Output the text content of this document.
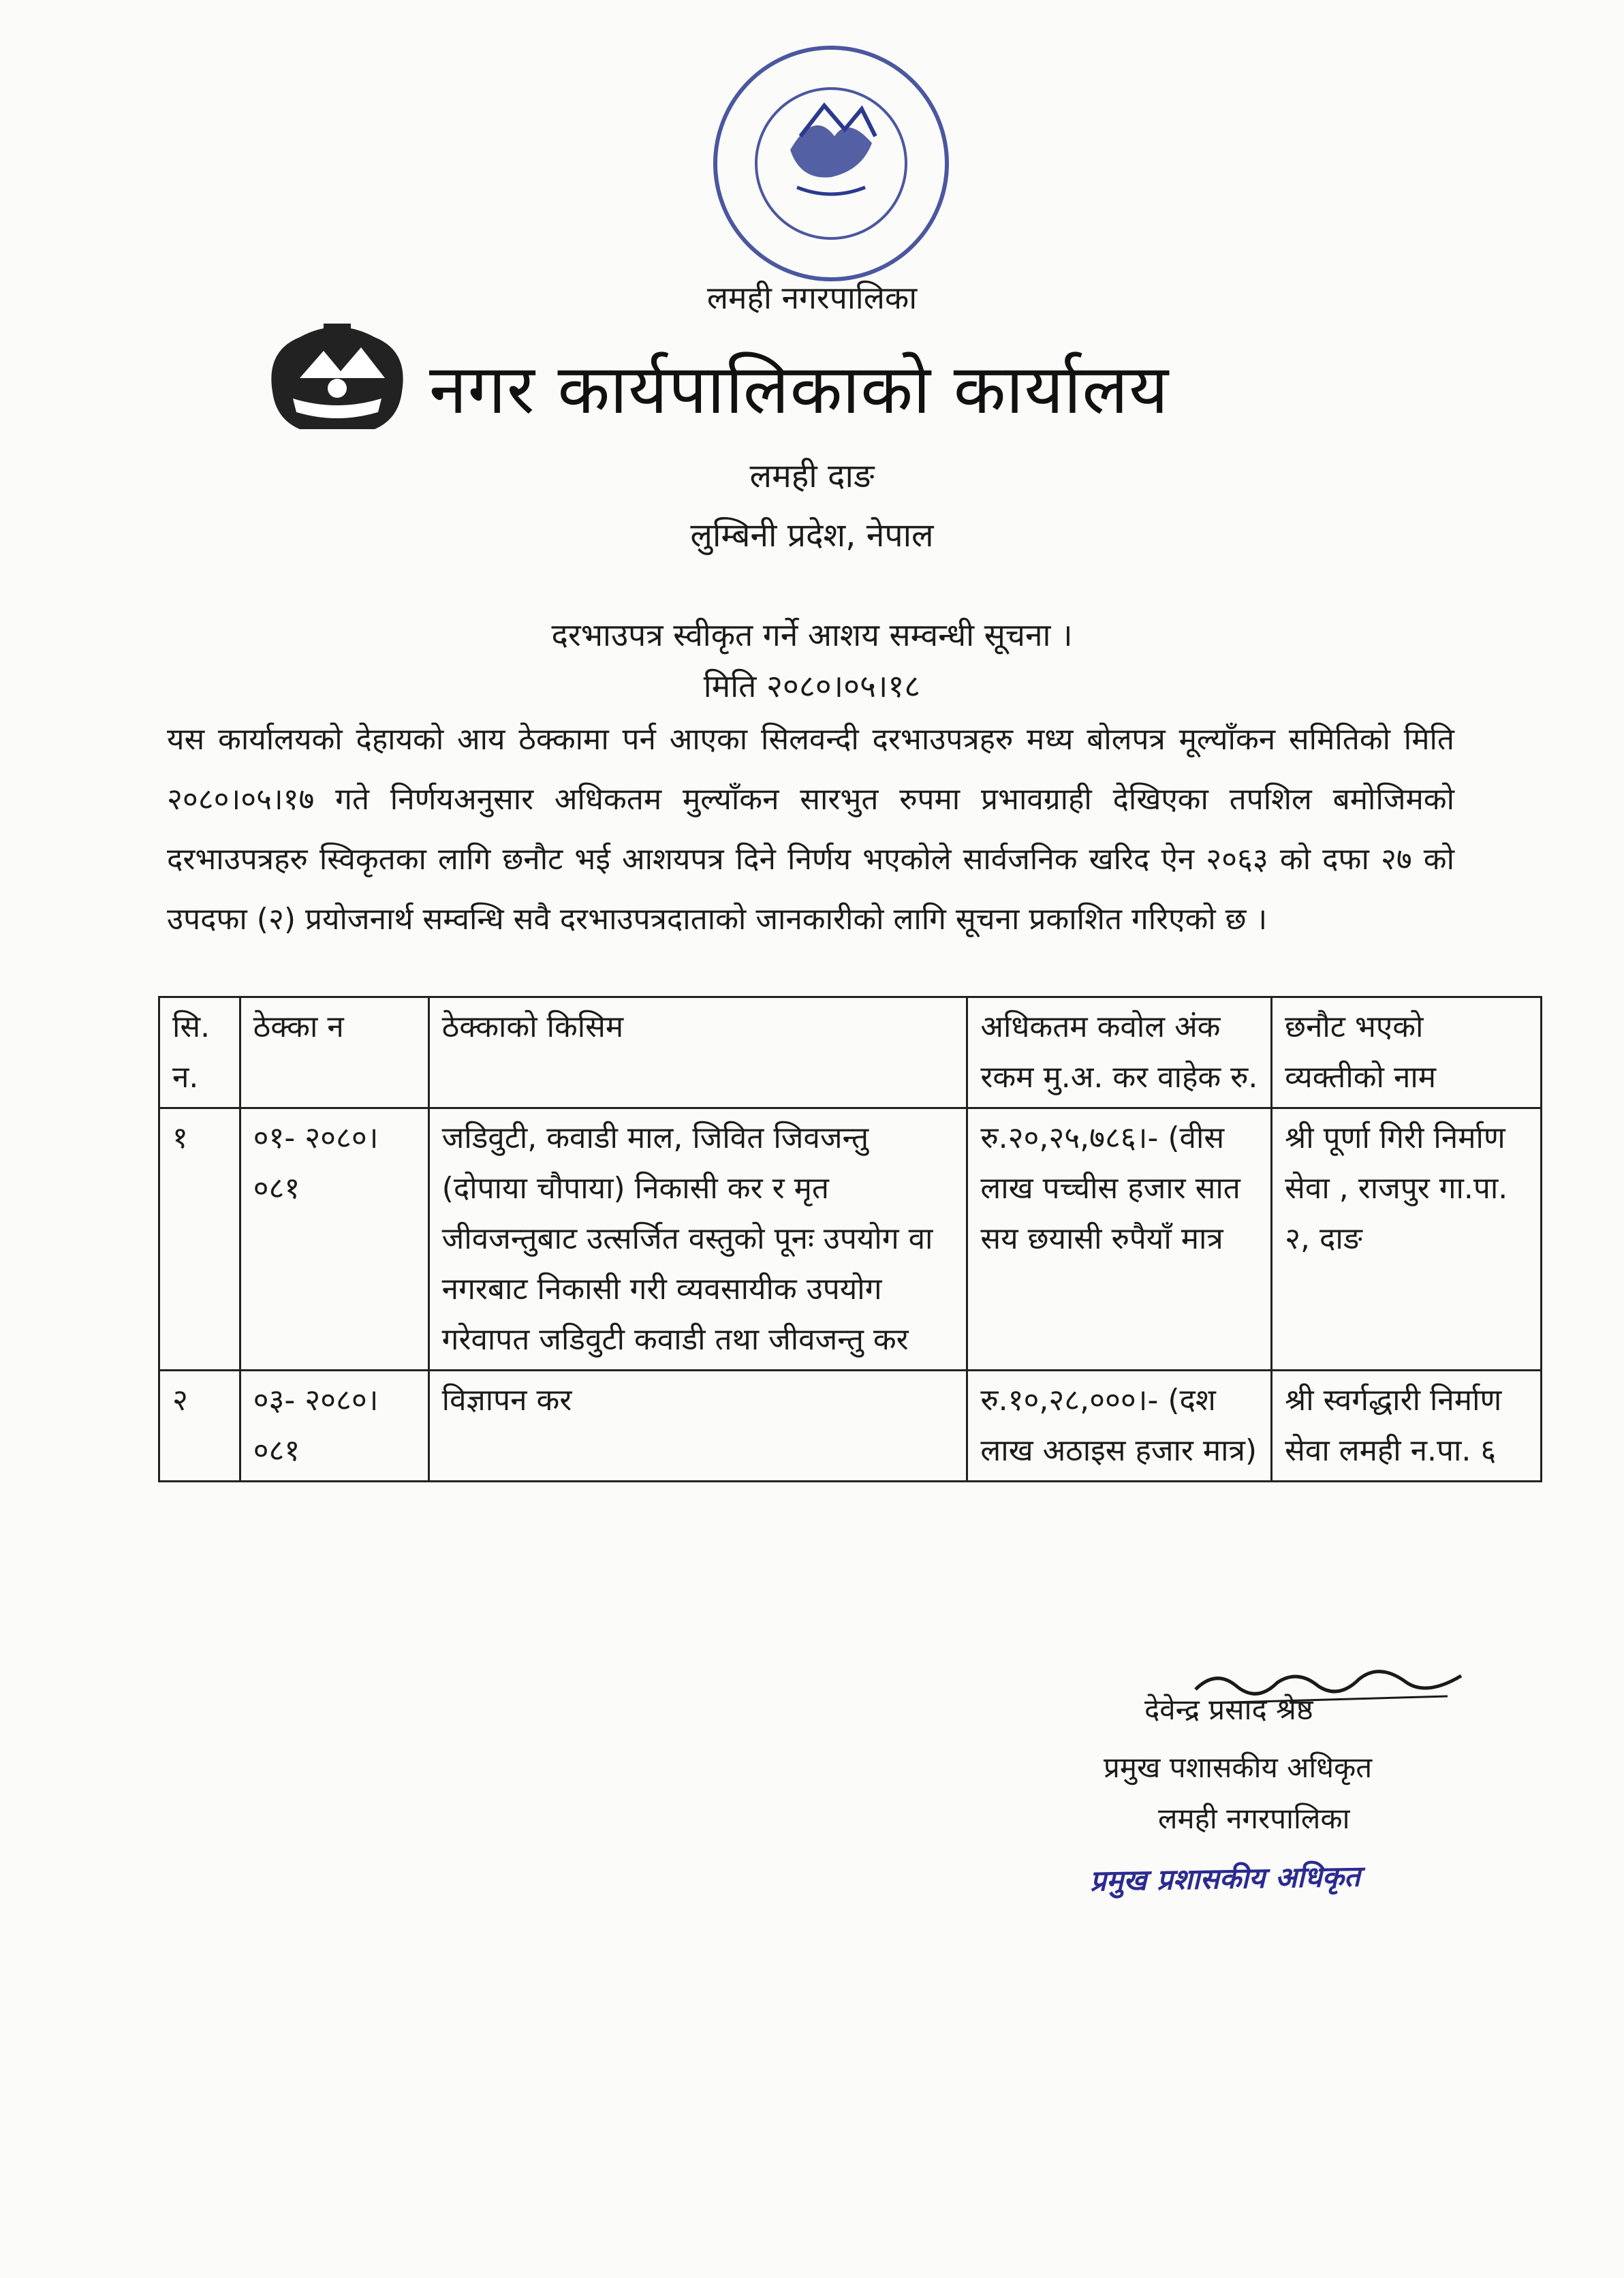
लमही नगरपालिका
नगर कार्यपालिकाको कार्यालय
लमही दाङ
लुम्बिनी प्रदेश, नेपाल
दरभाउपत्र स्वीकृत गर्ने आशय सम्वन्धी सूचना ।
मिति २०८०।०५।१८
यस कार्यालयको देहायको आय ठेक्कामा पर्न आएका सिलवन्दी दरभाउपत्रहरु मध्य बोलपत्र मूल्याँकन समितिको मिति २०८०।०५।१७ गते निर्णयअनुसार अधिकतम मुल्याँकन सारभुत रुपमा प्रभावग्राही देखिएका तपशिल बमोजिमको दरभाउपत्रहरु स्विकृतका लागि छनौट भई आशयपत्र दिने निर्णय भएकोले सार्वजनिक खरिद ऐन २०६३ को दफा २७ को उपदफा (२) प्रयोजनार्थ सम्वन्धि सवै दरभाउपत्रदाताको जानकारीको लागि सूचना प्रकाशित गरिएको छ ।
सि. न.	ठेक्का न	ठेक्काको किसिम	अधिकतम कवोल अंक रकम मु.अ. कर वाहेक रु.	छनौट भएको व्यक्तीको नाम
१	०१- २०८०।०८१	जडिवुटी, कवाडी माल, जिवित जिवजन्तु (दोपाया चौपाया) निकासी कर र मृत जीवजन्तुबाट उत्सर्जित वस्तुको पूनः उपयोग वा नगरबाट निकासी गरी व्यवसायीक उपयोग गरेवापत जडिवुटी कवाडी तथा जीवजन्तु कर	रु.२०,२५,७८६।- (वीस लाख पच्चीस हजार सात सय छयासी रुपैयाँ मात्र	श्री पूर्णा गिरी निर्माण सेवा , राजपुर गा.पा. २, दाङ
२	०३- २०८०।०८१	विज्ञापन कर	रु.१०,२८,०००।- (दश लाख अठाइस हजार मात्र)	श्री स्वर्गद्धारी निर्माण सेवा लमही न.पा. ६
देवेन्द्र प्रसाद श्रेष्ठ
प्रमुख पशासकीय अधिकृत
लमही नगरपालिका
प्रमुख प्रशासकीय अधिकृत
